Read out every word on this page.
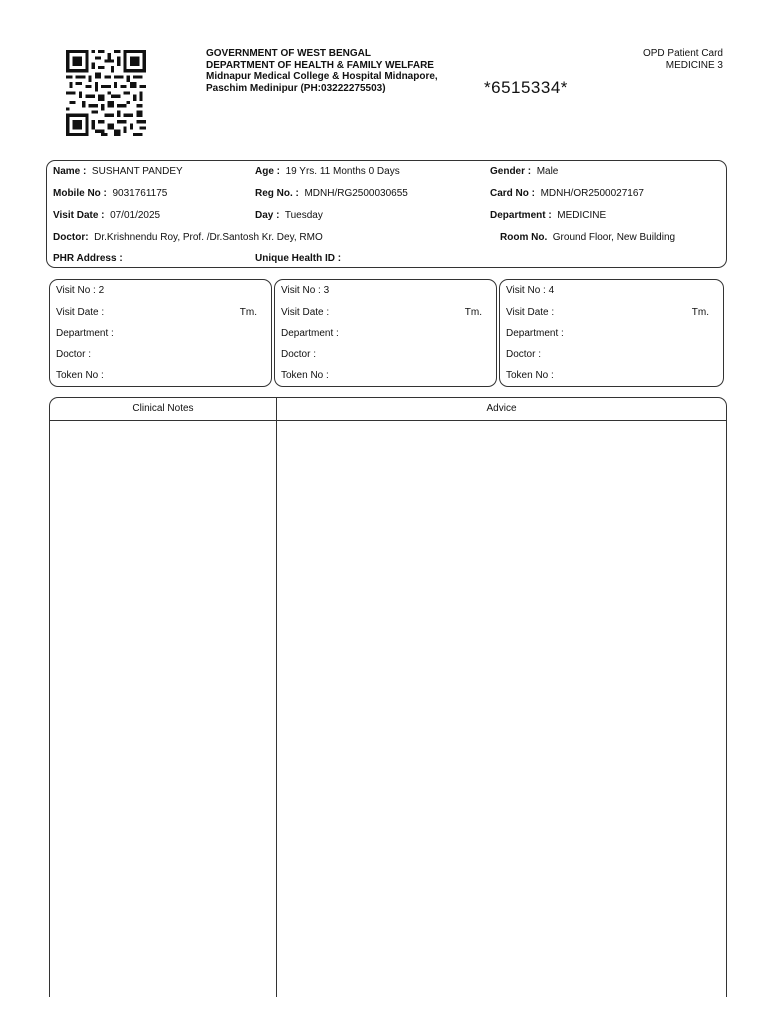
GOVERNMENT OF WEST BENGAL
DEPARTMENT OF HEALTH & FAMILY WELFARE
Midnapur Medical College & Hospital Midnapore,
Paschim Medinipur (PH:03222275503)
OPD Patient Card
MEDICINE 3
*6515334*
Name : SUSHANT PANDEY	Age : 19 Yrs. 11 Months 0 Days	Gender : Male
Mobile No : 9031761175	Reg No. : MDNH/RG2500030655	Card No : MDNH/OR2500027167
Visit Date : 07/01/2025	Day : Tuesday	Department : MEDICINE
Doctor: Dr.Krishnendu Roy, Prof. /Dr.Santosh Kr. Dey, RMO	Room No. Ground Floor, New Building
PHR Address :	Unique Health ID :
Visit No : 2
Visit Date :	Tm.
Department :
Doctor :
Token No :
Visit No : 3
Visit Date :	Tm.
Department :
Doctor :
Token No :
Visit No : 4
Visit Date :	Tm.
Department :
Doctor :
Token No :
Clinical Notes	Advice
